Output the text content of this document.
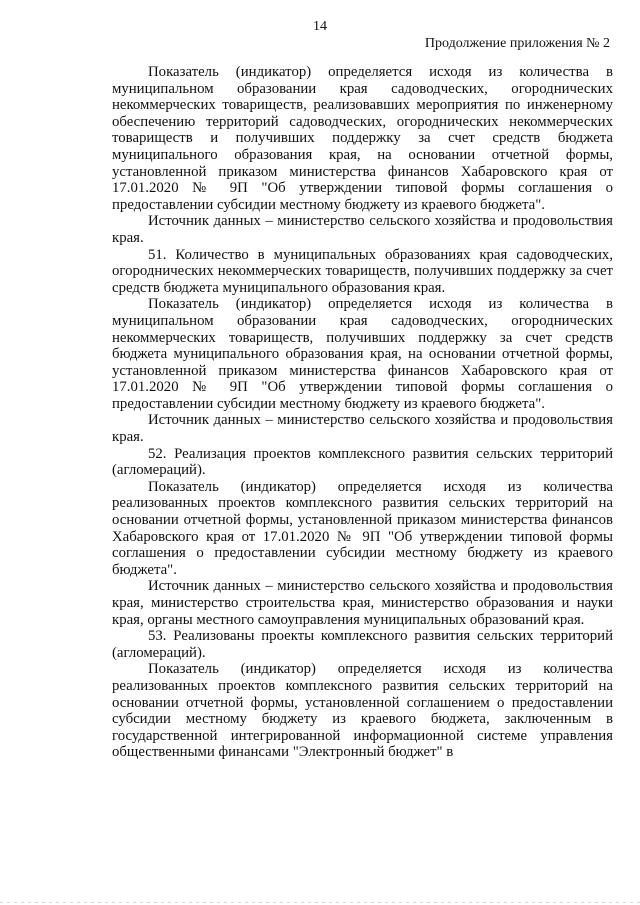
14
Продолжение приложения № 2

Показатель (индикатор) определяется исходя из количества в муниципальном образовании края садоводческих, огороднических некоммерческих товариществ, реализовавших мероприятия по инженерному обеспечению территорий садоводческих, огороднических некоммерческих товариществ и получивших поддержку за счет средств бюджета муниципального образования края, на основании отчетной формы, установленной приказом министерства финансов Хабаровского края от 17.01.2020 № 9П "Об утверждении типовой формы соглашения о предоставлении субсидии местному бюджету из краевого бюджета".

Источник данных – министерство сельского хозяйства и продовольствия края.

51. Количество в муниципальных образованиях края садоводческих, огороднических некоммерческих товариществ, получивших поддержку за счет средств бюджета муниципального образования края.

Показатель (индикатор) определяется исходя из количества в муниципальном образовании края садоводческих, огороднических некоммерческих товариществ, получивших поддержку за счет средств бюджета муниципального образования края, на основании отчетной формы, установленной приказом министерства финансов Хабаровского края от 17.01.2020 № 9П "Об утверждении типовой формы соглашения о предоставлении субсидии местному бюджету из краевого бюджета".

Источник данных – министерство сельского хозяйства и продовольствия края.

52. Реализация проектов комплексного развития сельских территорий (агломераций).

Показатель (индикатор) определяется исходя из количества реализованных проектов комплексного развития сельских территорий на основании отчетной формы, установленной приказом министерства финансов Хабаровского края от 17.01.2020 № 9П "Об утверждении типовой формы соглашения о предоставлении субсидии местному бюджету из краевого бюджета".

Источник данных – министерство сельского хозяйства и продовольствия края, министерство строительства края, министерство образования и науки края, органы местного самоуправления муниципальных образований края.

53. Реализованы проекты комплексного развития сельских территорий (агломераций).

Показатель (индикатор) определяется исходя из количества реализованных проектов комплексного развития сельских территорий на основании отчетной формы, установленной соглашением о предоставлении субсидии местному бюджету из краевого бюджета, заключенным в государственной интегрированной информационной системе управления общественными финансами "Электронный бюджет" в
